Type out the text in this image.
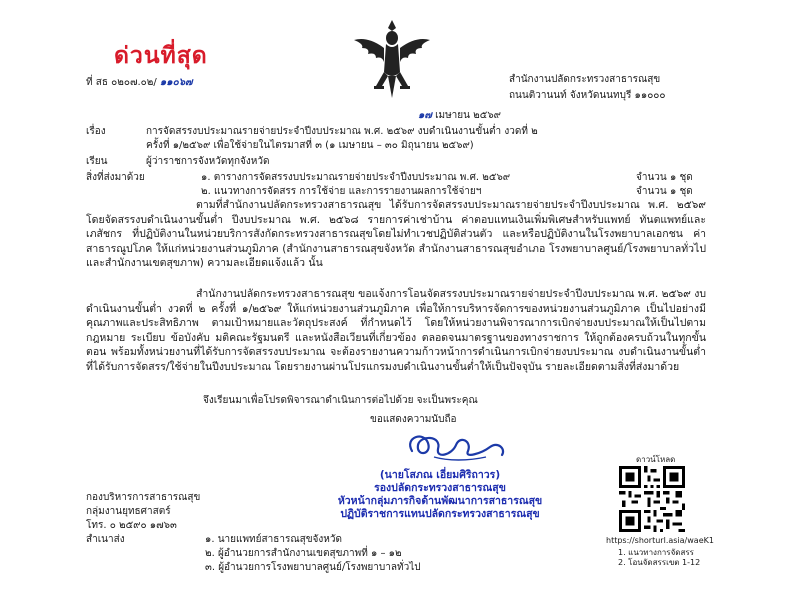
ด่วนที่สุด
ที่ สธ ๐๒๐๗.๐๒/ ๑๑๐๖๗	สำนักงานปลัดกระทรวงสาธารณสุข
ถนนติวานนท์ จังหวัดนนทบุรี ๑๑๐๐๐
๑๗ เมษายน ๒๕๖๙
เรื่อง	การจัดสรรงบประมาณรายจ่ายประจำปีงบประมาณ พ.ศ. ๒๕๖๙ งบดำเนินงานขั้นต่ำ งวดที่ ๒
ครั้งที่ ๑/๒๕๖๙ เพื่อใช้จ่ายในไตรมาสที่ ๓ (๑ เมษายน – ๓๐ มิถุนายน ๒๕๖๙)
เรียน	ผู้ว่าราชการจังหวัดทุกจังหวัด
สิ่งที่ส่งมาด้วย	๑. ตารางการจัดสรรงบประมาณรายจ่ายประจำปีงบประมาณ พ.ศ. ๒๕๖๙	จำนวน ๑ ชุด
๒. แนวทางการจัดสรร การใช้จ่าย และการรายงานผลการใช้จ่ายฯ	จำนวน ๑ ชุด
ตามที่สำนักงานปลัดกระทรวงสาธารณสุข ได้รับการจัดสรรงบประมาณรายจ่ายประจำปีงบประมาณ พ.ศ. ๒๕๖๙ โดยจัดสรรงบดำเนินงานขั้นต่ำ ปีงบประมาณ พ.ศ. ๒๕๖๘ รายการค่าเช่าบ้าน ค่าตอบแทนเงินเพิ่มพิเศษสำหรับแพทย์ ทันตแพทย์และเภสัชกร ที่ปฏิบัติงานในหน่วยบริการสังกัดกระทรวงสาธารณสุขโดยไม่ทำเวชปฏิบัติส่วนตัว และหรือปฏิบัติงานในโรงพยาบาลเอกชน ค่าสาธารณูปโภค ให้แก่หน่วยงานส่วนภูมิภาค (สำนักงานสาธารณสุขจังหวัด สำนักงานสาธารณสุขอำเภอ โรงพยาบาลศูนย์/โรงพยาบาลทั่วไป และสำนักงานเขตสุขภาพ) ความละเอียดแจ้งแล้ว นั้น
สำนักงานปลัดกระทรวงสาธารณสุข ขอแจ้งการโอนจัดสรรงบประมาณรายจ่ายประจำปีงบประมาณ พ.ศ. ๒๕๖๙ งบดำเนินงานขั้นต่ำ งวดที่ ๒ ครั้งที่ ๑/๒๕๖๙ ให้แก่หน่วยงานส่วนภูมิภาค เพื่อให้การบริหารจัดการของหน่วยงานส่วนภูมิภาค เป็นไปอย่างมีคุณภาพและประสิทธิภาพ ตามเป้าหมายและวัตถุประสงค์ ที่กำหนดไว้ โดยให้หน่วยงานพิจารณาการเบิกจ่ายงบประมาณให้เป็นไปตามกฎหมาย ระเบียบ ข้อบังคับ มติคณะรัฐมนตรี และหนังสือเวียนที่เกี่ยวข้อง ตลอดจนมาตรฐานของทางราชการ ให้ถูกต้องครบถ้วนในทุกขั้นตอน พร้อมทั้งหน่วยงานที่ได้รับการจัดสรรงบประมาณ จะต้องรายงานความก้าวหน้าการดำเนินการเบิกจ่ายงบประมาณ งบดำเนินงานขั้นต่ำ ที่ได้รับการจัดสรร/ใช้จ่ายในปีงบประมาณ โดยรายงานผ่านโปรแกรมงบดำเนินงานขั้นต่ำให้เป็นปัจจุบัน รายละเอียดตามสิ่งที่ส่งมาด้วย
จึงเรียนมาเพื่อโปรดพิจารณาดำเนินการต่อไปด้วย จะเป็นพระคุณ
ขอแสดงความนับถือ
(นายโสภณ เอี่ยมศิริถาวร)
รองปลัดกระทรวงสาธารณสุข
หัวหน้ากลุ่มภารกิจด้านพัฒนาการสาธารณสุข
ปฏิบัติราชการแทนปลัดกระทรวงสาธารณสุข
กองบริหารการสาธารณสุข
กลุ่มงานยุทธศาสตร์
โทร. ๐ ๒๕๙๐ ๑๗๖๓
สำเนาส่ง	๑. นายแพทย์สาธารณสุขจังหวัด
๒. ผู้อำนวยการสำนักงานเขตสุขภาพที่ ๑ – ๑๒
๓. ผู้อำนวยการโรงพยาบาลศูนย์/โรงพยาบาลทั่วไป
ดาวน์โหลด
https://shorturl.asia/waeK1
1. แนวทางการจัดสรร
2. โอนจัดสรรเขต 1-12
